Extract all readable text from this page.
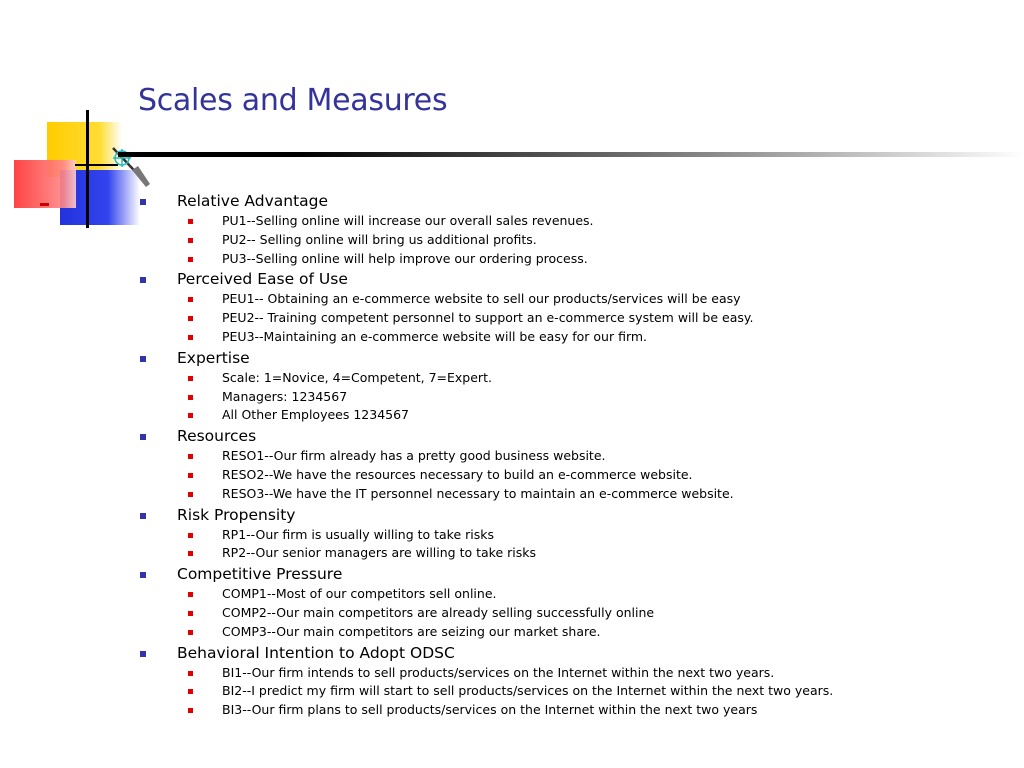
Scales and Measures
Relative Advantage
PU1--Selling online will increase our overall sales revenues.
PU2-- Selling online will bring us additional profits.
PU3--Selling online will help improve our ordering process.
Perceived Ease of Use
PEU1-- Obtaining an e-commerce website to sell our products/services will be easy
PEU2-- Training competent personnel to support an e-commerce system will be easy.
PEU3--Maintaining an e-commerce website will be easy for our firm.
Expertise
Scale: 1=Novice, 4=Competent, 7=Expert.
Managers: 1234567
All Other Employees 1234567
Resources
RESO1--Our firm already has a pretty good business website.
RESO2--We have the resources necessary to build an e-commerce website.
RESO3--We have the IT personnel necessary to maintain an e-commerce website.
Risk Propensity
RP1--Our firm is usually willing to take risks
RP2--Our senior managers are willing to take risks
Competitive Pressure
COMP1--Most of our competitors sell online.
COMP2--Our main competitors are already selling successfully online
COMP3--Our main competitors are seizing our market share.
Behavioral Intention to Adopt ODSC
BI1--Our firm intends to sell products/services on the Internet within the next two years.
BI2--I predict my firm will start to sell products/services on the Internet within the next two years.
BI3--Our firm plans to sell products/services on the Internet within the next two years
